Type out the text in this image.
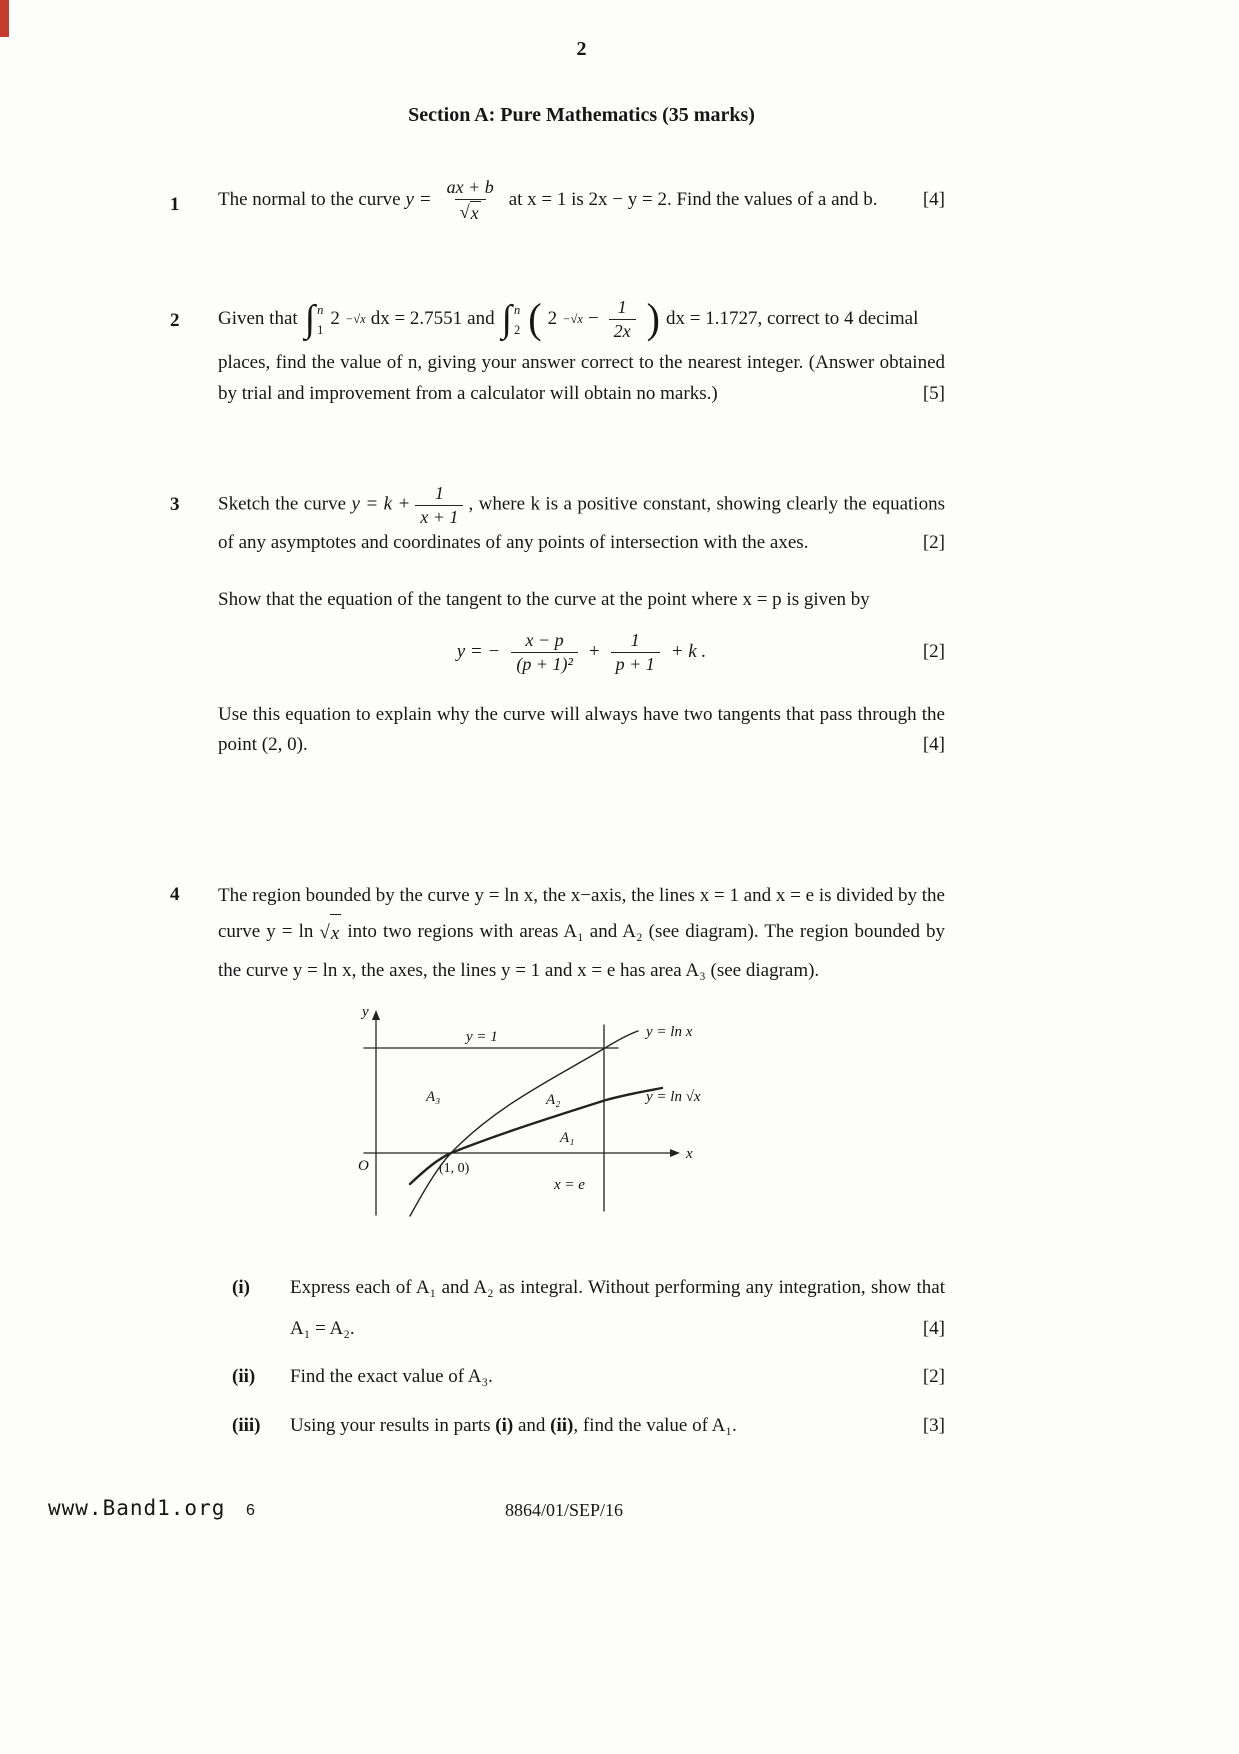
2
Section A: Pure Mathematics (35 marks)
1	The normal to the curve $y = \frac{ax + b}{√ x}$ at x = 1 is 2x − y = 2. Find the values of a and b. [4]
2	Given that ∫ n
1
2 −√x dx = 2.7551 and ∫ n
2 ( $2 -√x - \frac{1}{2x}$ ) dx = 1.1727, correct to 4 decimal
places, find the value of n, giving your answer correct to the nearest integer. (Answer obtained by trial and improvement from a calculator will obtain no marks.)	[5]
3	Sketch the curve $y = k + \frac{1}{x + 1}$ , where k is a positive constant, showing clearly the equations of any asymptotes and coordinates of any points of intersection with the axes.	[2]
Show that the equation of the tangent to the curve at the point where x = p is given by
y = − $\frac{x - p}{\text{(p + 1)²}} + \frac{1}{p + 1} + k$ .	[2]
Use this equation to explain why the curve will always have two tangents that pass through the point (2, 0).	[4]
4	The region bounded by the curve y = ln x, the x−axis, the lines x = 1 and x = e is divided by the curve y = ln √ x into two regions with areas A₁ and A₂ (see diagram). The region bounded by the curve y = ln x, the axes, the lines y = 1 and x = e has area A₃ (see diagram).
y
x
O
y = 1	y = ln x
y = ln √x
A₁
A₂
A₃
(1, 0)
x = e
(i)	Express each of A₁ and A₂ as integral. Without performing any integration, show that A₁ = A₂.	[4]
(ii)	Find the exact value of A₃.	[2]
(iii)	Using your results in parts (i) and (ii), find the value of A₁.	[3]
www.Band1.org 6	8864/01/SEP/16
